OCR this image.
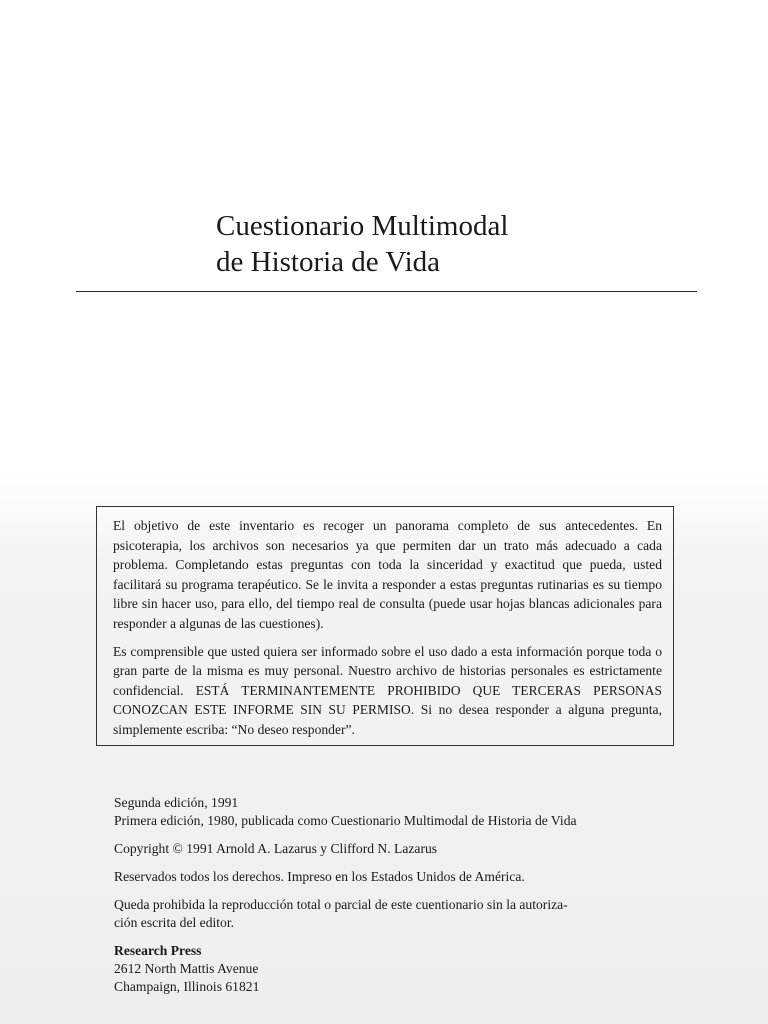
Cuestionario Multimodal
de Historia de Vida

El objetivo de este inventario es recoger un panorama completo de sus antecedentes. En psicoterapia, los archivos son necesarios ya que permiten dar un trato más adecuado a cada problema. Completando estas preguntas con toda la sinceridad y exactitud que pueda, usted facilitará su programa terapéutico. Se le invita a responder a estas preguntas rutinarias es su tiempo libre sin hacer uso, para ello, del tiempo real de consulta (puede usar hojas blancas adicionales para responder a algunas de las cuestiones).

Es comprensible que usted quiera ser informado sobre el uso dado a esta información porque toda o gran parte de la misma es muy personal. Nuestro archivo de historias personales es estrictamente confidencial. ESTÁ TERMINANTEMENTE PROHIBIDO QUE TERCERAS PERSONAS CONOZCAN ESTE INFORME SIN SU PERMISO. Si no desea responder a alguna pregunta, simplemente escriba: “No deseo responder”.

Segunda edición, 1991
Primera edición, 1980, publicada como Cuestionario Multimodal de Historia de Vida
Copyright © 1991 Arnold A. Lazarus y Clifford N. Lazarus
Reservados todos los derechos. Impreso en los Estados Unidos de América.
Queda prohibida la reproducción total o parcial de este cuentionario sin la autoriza-
ción escrita del editor.
Research Press
2612 North Mattis Avenue
Champaign, Illinois 61821
